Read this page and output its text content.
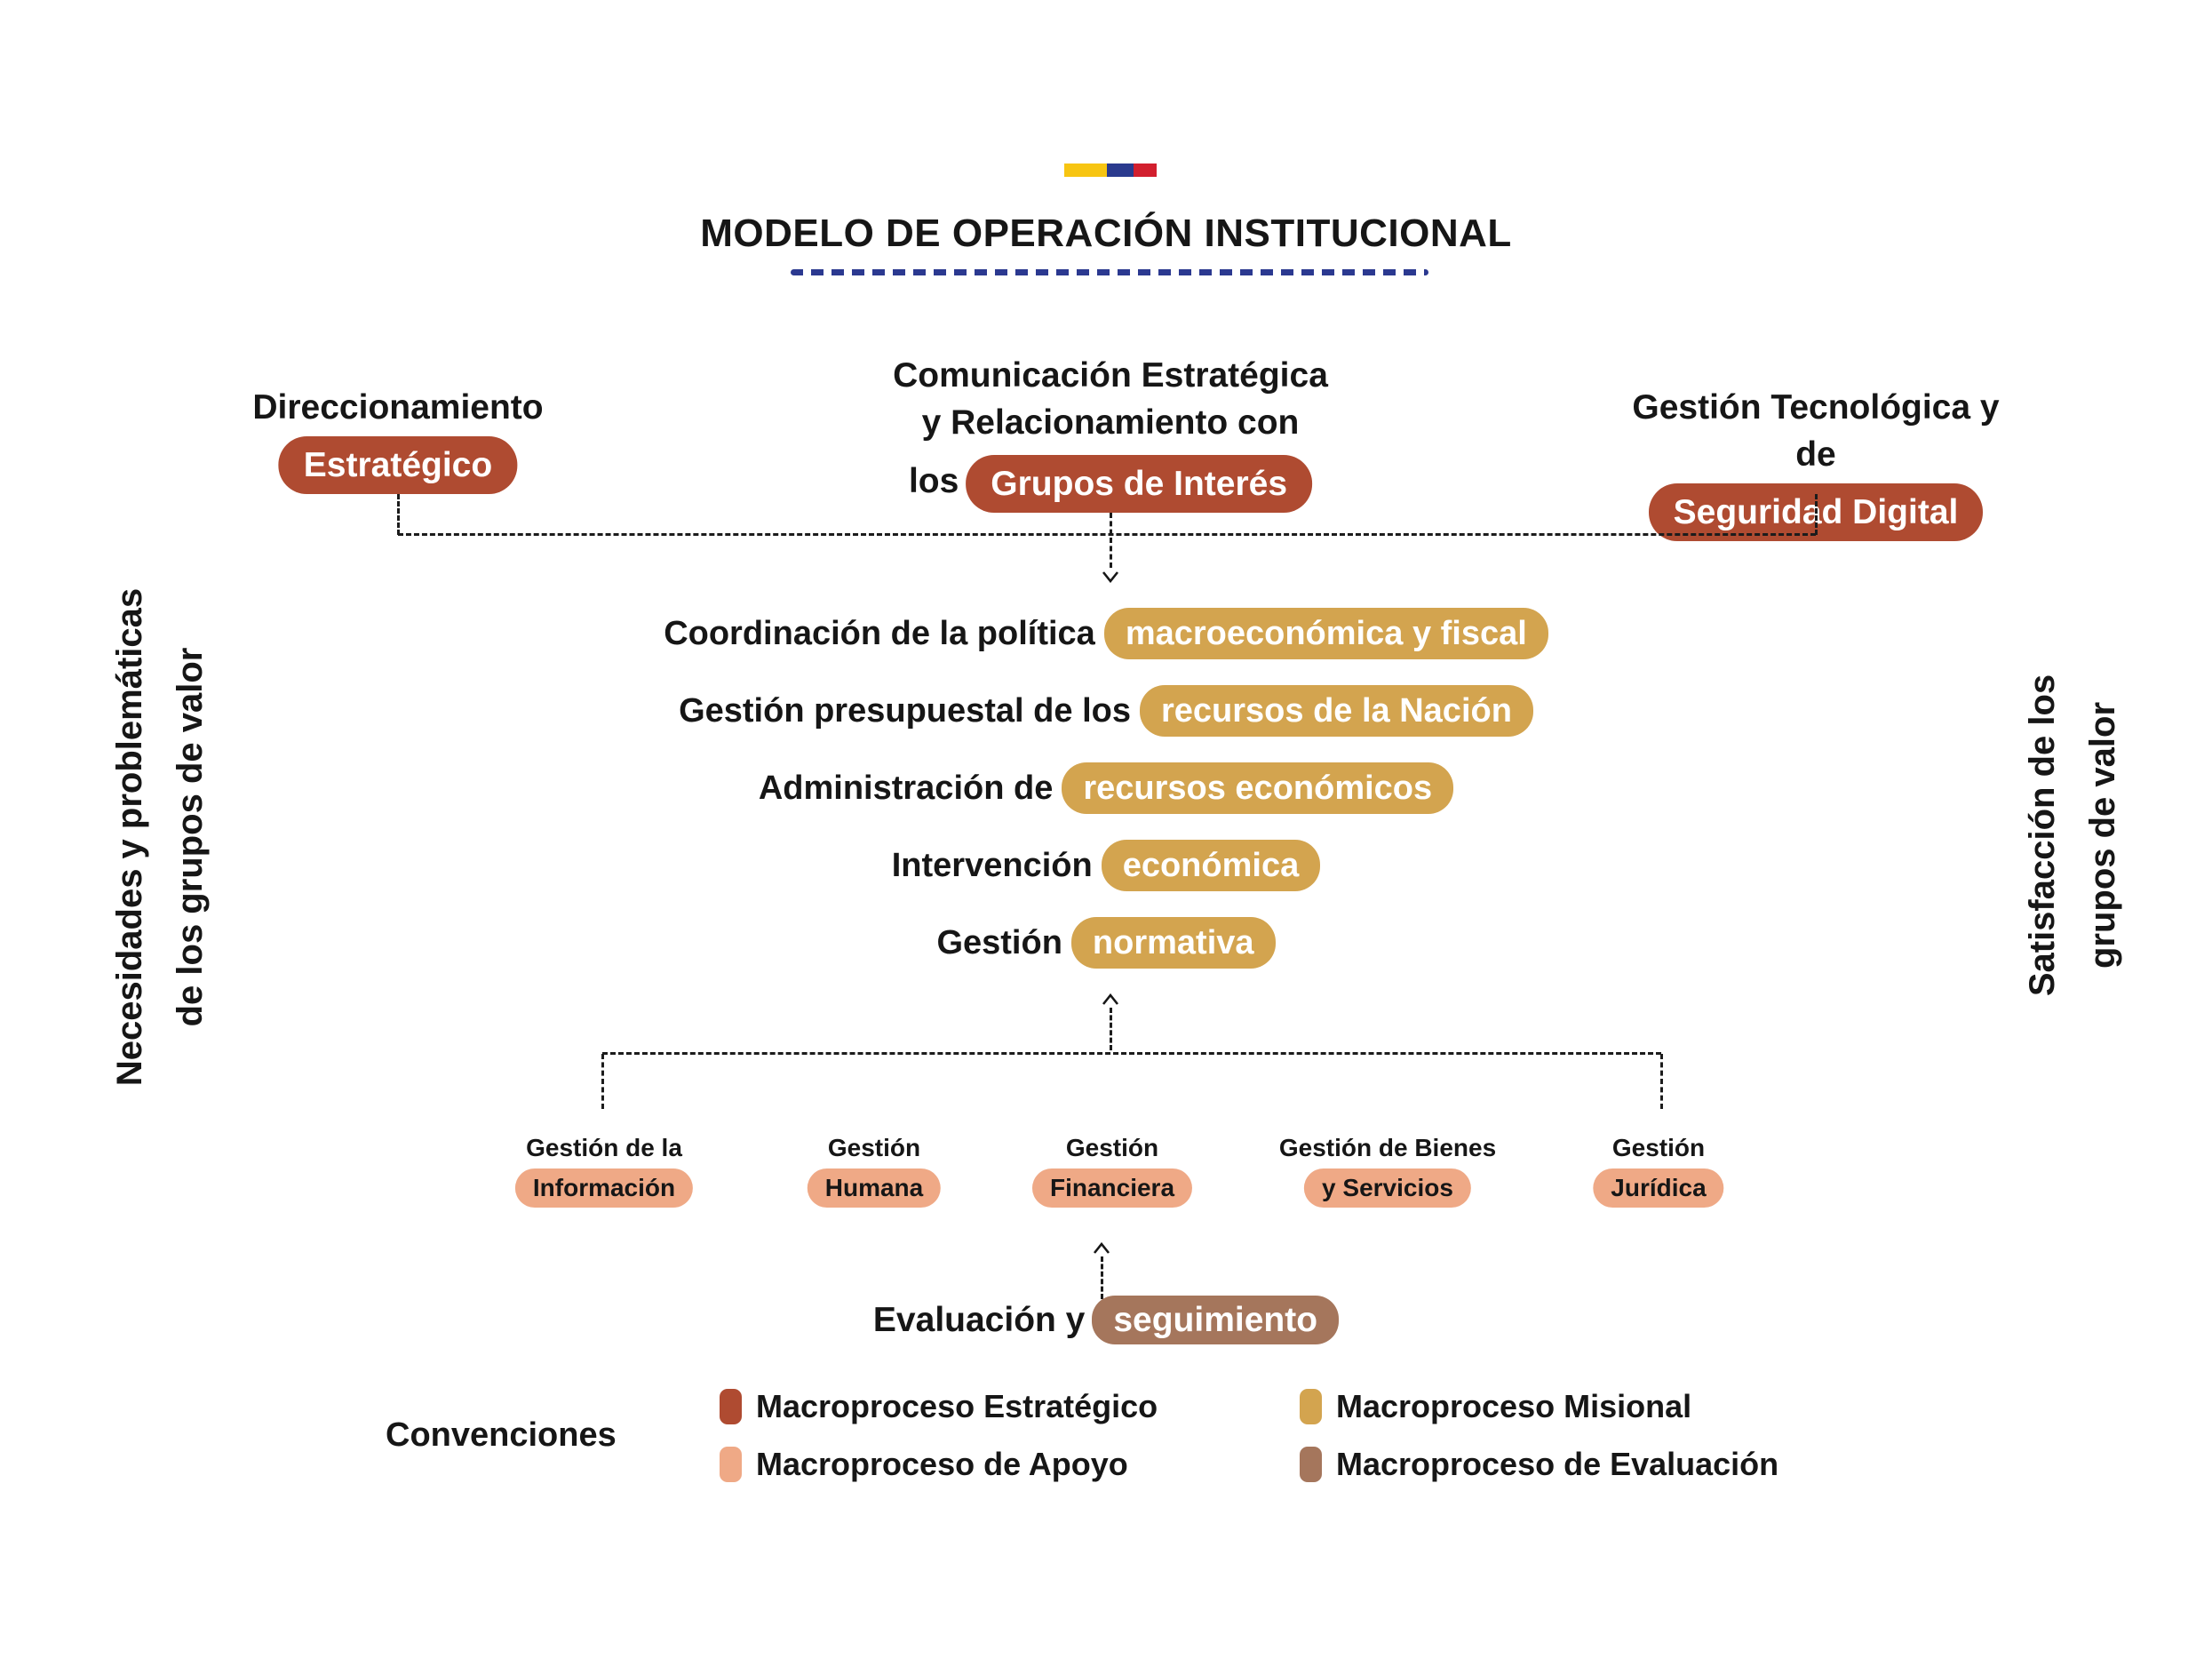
MODELO DE OPERACIÓN INSTITUCIONAL
Direccionamiento
Estratégico
Comunicación Estratégica
y Relacionamiento con
los Grupos de Interés
Gestión Tecnológica y de
Seguridad Digital
Coordinación de la política macroeconómica y fiscal
Gestión presupuestal de los recursos de la Nación
Administración de recursos económicos
Intervención económica
Gestión normativa
Gestión de la
Información
Gestión
Humana
Gestión
Financiera
Gestión de Bienes
y Servicios
Gestión
Jurídica
Evaluación y seguimiento
Convenciones
Macroproceso Estratégico	Macroproceso Misional
Macroproceso de Apoyo	Macroproceso de Evaluación
Necesidades y problemáticas de los grupos de valor	Satisfacción de los grupos de valor
